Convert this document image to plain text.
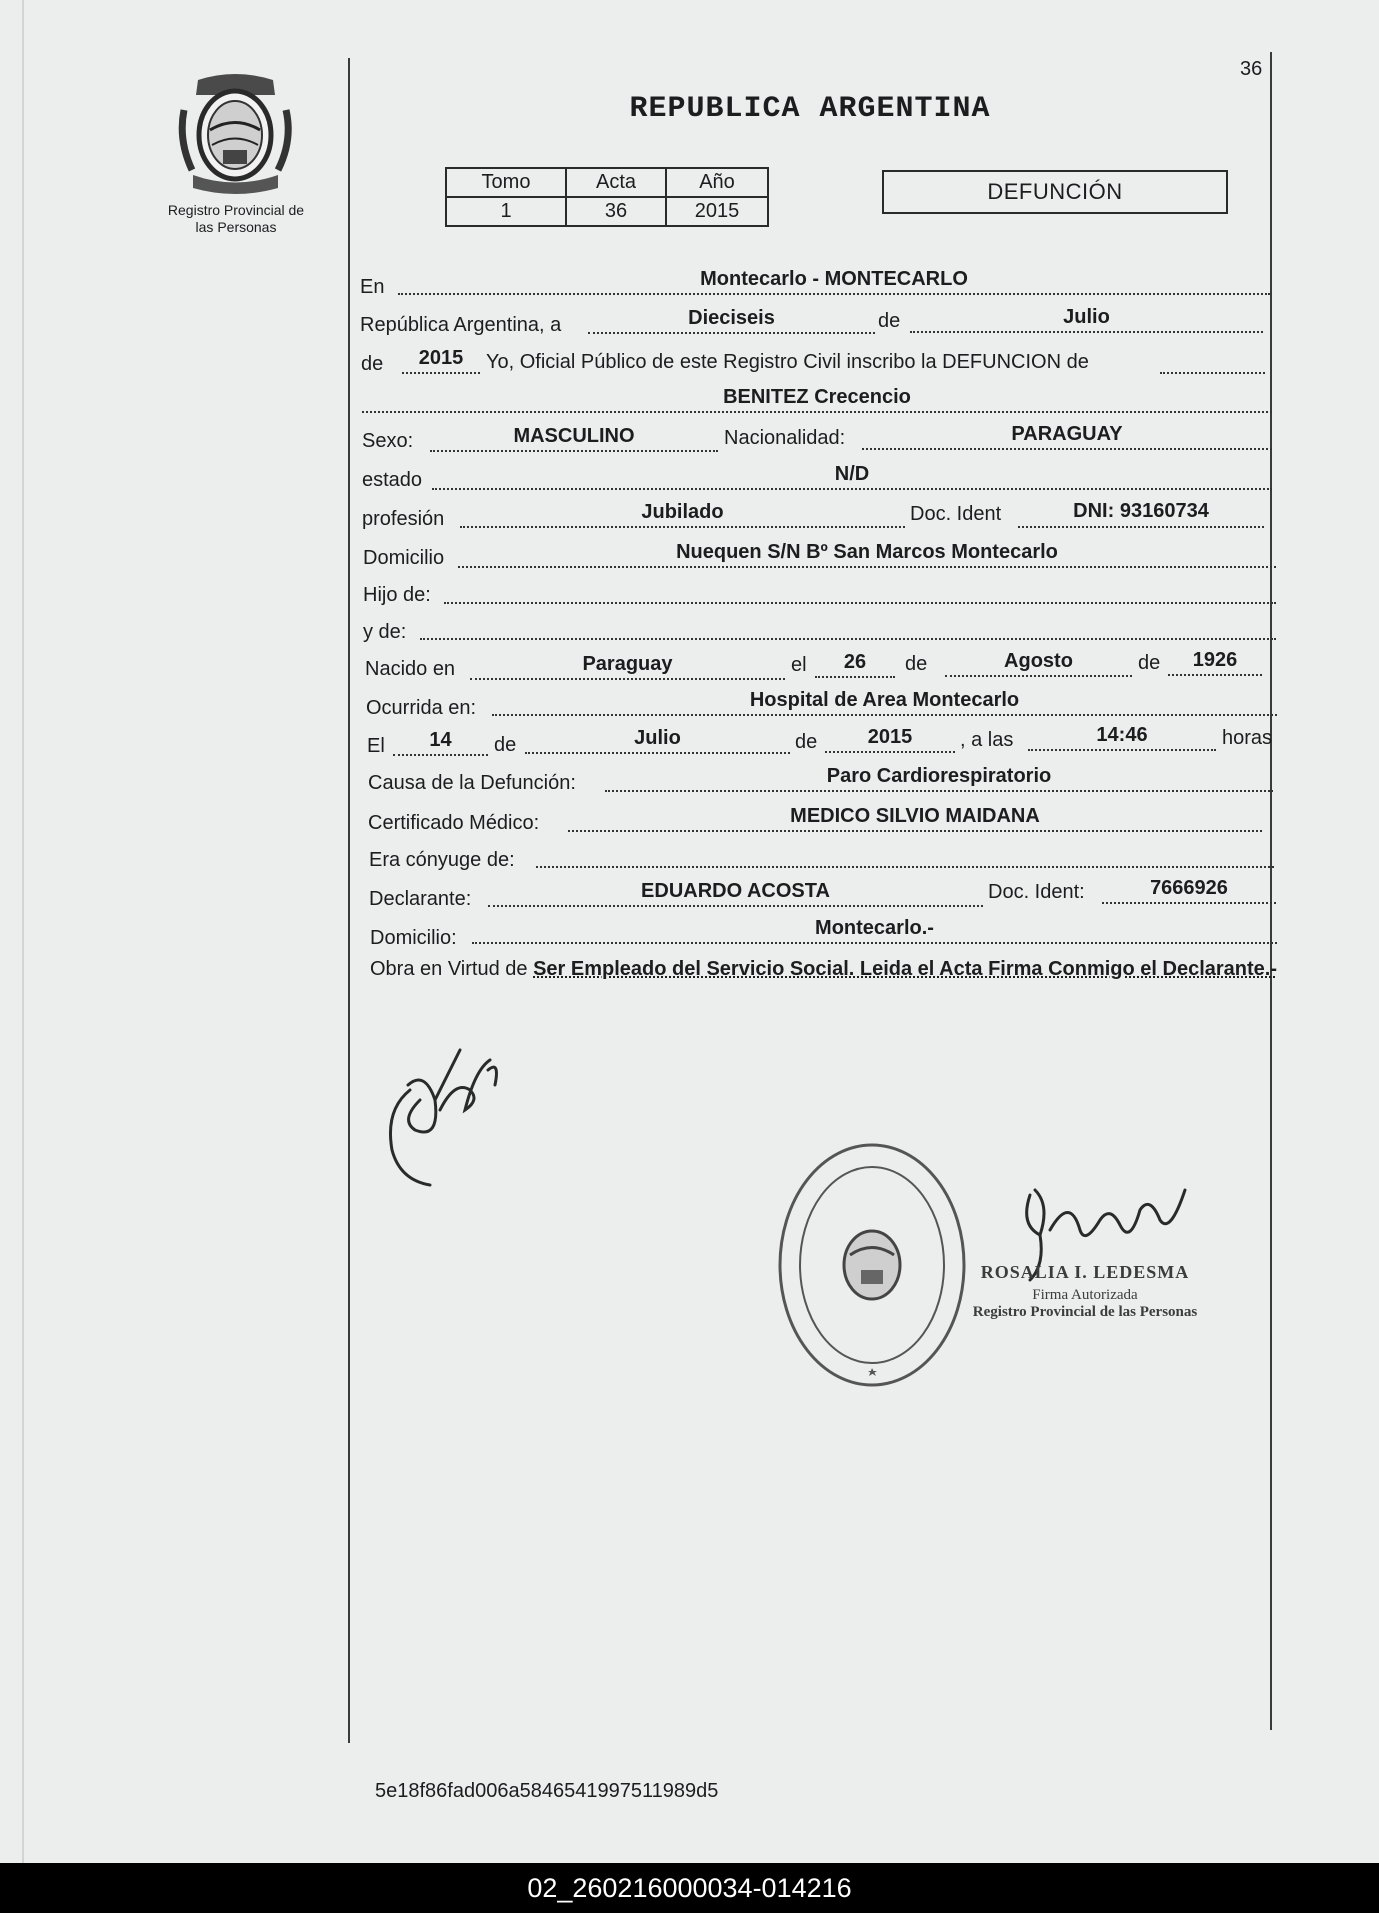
36
Registro Provincial de
las Personas
REPUBLICA ARGENTINA
Tomo	Acta	Año
1	36	2015
DEFUNCIÓN
En	Montecarlo - MONTECARLO
República Argentina, a	Dieciseis	de	Julio
de	2015	Yo, Oficial Público de este Registro Civil inscribo la DEFUNCION de
BENITEZ Crecencio
Sexo:	MASCULINO	Nacionalidad:	PARAGUAY
estado	N/D
profesión	Jubilado	Doc. Ident	DNI: 93160734
Domicilio	Nuequen S/N Bº San Marcos Montecarlo
Hijo de:
y de:
Nacido en	Paraguay	el	26	de	Agosto	de	1926
Ocurrida en:	Hospital de Area Montecarlo
El	14	de	Julio	de	2015	, a las	14:46	horas
Causa de la Defunción:	Paro Cardiorespiratorio
Certificado Médico:	MEDICO SILVIO MAIDANA
Era cónyuge de:
Declarante:	EDUARDO ACOSTA	Doc. Ident:	7666926
Domicilio:	Montecarlo.-
Obra en Virtud de Ser Empleado del Servicio Social. Leida el Acta Firma Conmigo el Declarante.-
ROSALIA I. LEDESMA
Firma Autorizada
Registro Provincial de las Personas
5e18f86fad006a5846541997511989d5
02_260216000034-014216
